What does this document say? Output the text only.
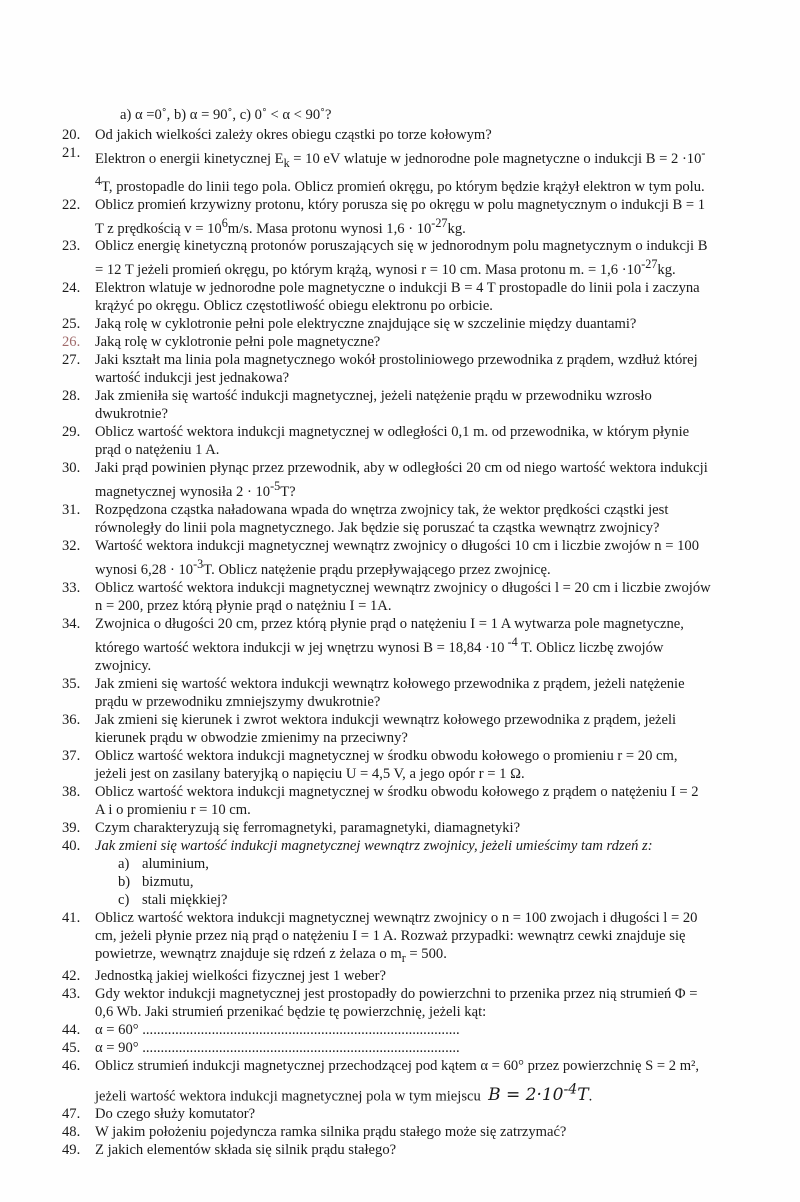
a) α =0˚, b) α = 90˚, c) 0˚ < α < 90˚?
20. Od jakich wielkości zależy okres obiegu cząstki po torze kołowym?
21. Elektron o energii kinetycznej $E_k = 10$ eV wlatuje w jednorodne pole magnetyczne o indukcji B = 2 ·10-
$^4$T, prostopadle do linii tego pola. Oblicz promień okręgu, po którym będzie krążył elektron w tym polu.
22. Oblicz promień krzywizny protonu, który porusza się po okręgu w polu magnetycznym o indukcji B = 1
T z prędkością $v = 10^6m/s$. Masa protonu wynosi $1,6 \cdot 10^{-27}kg$.
23. Oblicz energię kinetyczną protonów poruszających się w jednorodnym polu magnetycznym o indukcji B
= 12 T jeżeli promień okręgu, po którym krążą, wynosi r = 10 cm. Masa protonu m. = $1,6 \cdot 10^{-27}kg$.
24. Elektron wlatuje w jednorodne pole magnetyczne o indukcji B = 4 T prostopadle do linii pola i zaczyna
krążyć po okręgu. Oblicz częstotliwość obiegu elektronu po orbicie.
25. Jaką rolę w cyklotronie pełni pole elektryczne znajdujące się w szczelinie między duantami?
26. Jaką rolę w cyklotronie pełni pole magnetyczne?
27. Jaki kształt ma linia pola magnetycznego wokół prostoliniowego przewodnika z prądem, wzdłuż której
wartość indukcji jest jednakowa?
28. Jak zmieniła się wartość indukcji magnetycznej, jeżeli natężenie prądu w przewodniku wzrosło
dwukrotnie?
29. Oblicz wartość wektora indukcji magnetycznej w odległości 0,1 m. od przewodnika, w którym płynie
prąd o natężeniu 1 A.
30. Jaki prąd powinien płynąc przez przewodnik, aby w odległości 20 cm od niego wartość wektora indukcji
magnetycznej wynosiła $2 \cdot 10^{-5}T$?
31. Rozpędzona cząstka naładowana wpada do wnętrza zwojnicy tak, że wektor prędkości cząstki jest
równoległy do linii pola magnetycznego. Jak będzie się poruszać ta cząstka wewnątrz zwojnicy?
32. Wartość wektora indukcji magnetycznej wewnątrz zwojnicy o długości 10 cm i liczbie zwojów n = 100
wynosi $6,28 \cdot 10^{-3}T$. Oblicz natężenie prądu przepływającego przez zwojnicę.
33. Oblicz wartość wektora indukcji magnetycznej wewnątrz zwojnicy o długości l = 20 cm i liczbie zwojów
n = 200, przez którą płynie prąd o natężniu I = 1A.
34. Zwojnica o długości 20 cm, przez którą płynie prąd o natężeniu I = 1 A wytwarza pole magnetyczne,
którego wartość wektora indukcji w jej wnętrzu wynosi B = 18,84 ·10 $^{-4}$ T. Oblicz liczbę zwojów
zwojnicy.
35. Jak zmieni się wartość wektora indukcji wewnątrz kołowego przewodnika z prądem, jeżeli natężenie
prądu w przewodniku zmniejszymy dwukrotnie?
36. Jak zmieni się kierunek i zwrot wektora indukcji wewnątrz kołowego przewodnika z prądem, jeżeli
kierunek prądu w obwodzie zmienimy na przeciwny?
37. Oblicz wartość wektora indukcji magnetycznej w środku obwodu kołowego o promieniu r = 20 cm,
jeżeli jest on zasilany bateryjką o napięciu U = 4,5 V, a jego opór r = 1 Ω.
38. Oblicz wartość wektora indukcji magnetycznej w środku obwodu kołowego z prądem o natężeniu I = 2
A i o promieniu r = 10 cm.
39. Czym charakteryzują się ferromagnetyki, paramagnetyki, diamagnetyki?
40. Jak zmieni się wartość indukcji magnetycznej wewnątrz zwojnicy, jeżeli umieścimy tam rdzeń z:
a) aluminium,
b) bizmutu,
c) stali miękkiej?
41. Oblicz wartość wektora indukcji magnetycznej wewnątrz zwojnicy o n = 100 zwojach i długości l = 20
cm, jeżeli płynie przez nią prąd o natężeniu I = 1 A. Rozważ przypadki: wewnątrz cewki znajduje się
powietrze, wewnątrz znajduje się rdzeń z żelaza o $m_r = 500$.
42. Jednostką jakiej wielkości fizycznej jest 1 weber?
43. Gdy wektor indukcji magnetycznej jest prostopadły do powierzchni to przenika przez nią strumień Φ =
0,6 Wb. Jaki strumień przenikać będzie tę powierzchnię, jeżeli kąt:
44. α = 60° .......................................................................................
45. α = 90° .......................................................................................
46. Oblicz strumień indukcji magnetycznej przechodzącej pod kątem α = 60° przez powierzchnię S = 2 m²,
jeżeli wartość wektora indukcji magnetycznej pola w tym miejscu $B = 2\cdot 10^{-4}T$.
47. Do czego służy komutator?
48. W jakim położeniu pojedyncza ramka silnika prądu stałego może się zatrzymać?
49. Z jakich elementów składa się silnik prądu stałego?
